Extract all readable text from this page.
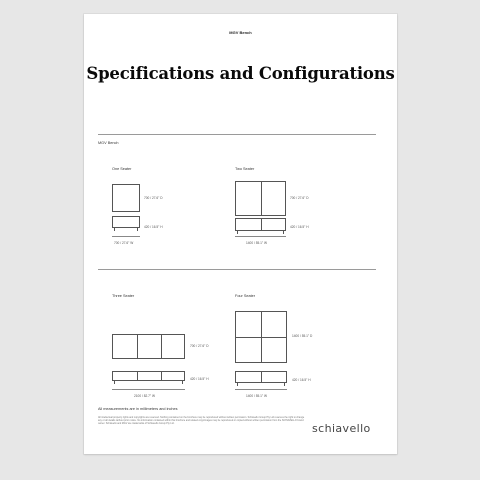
MGV Bench
Specifications and Configurations
MGV Bench
One Seater
700 / 27.6" D
420 / 16.5" H
700 / 27.6" W
Two Seater
700 / 27.6" D
420 / 16.5" H
1400 / 55.1" W
Three Seater
700 / 27.6" D
420 / 16.5" H
2100 / 82.7" W
Four Seater
1400 / 55.1" D
420 / 16.5" H
1400 / 55.1" W
All measurements are in millimeters and inches
All intellectual property rights and copyrights are reserved. Nothing contained on the brochure may be reproduced without written permission. Schiavello Group Pty Ltd reserves the right to change any or all details without prior notice. No information contained within this brochure and related copy/images may be reproduced or copied without written permission from the SCHIAVELLO brand owner. Schiavello and MGV are trademarks of Schiavello Group Pty Ltd.	schiavello
